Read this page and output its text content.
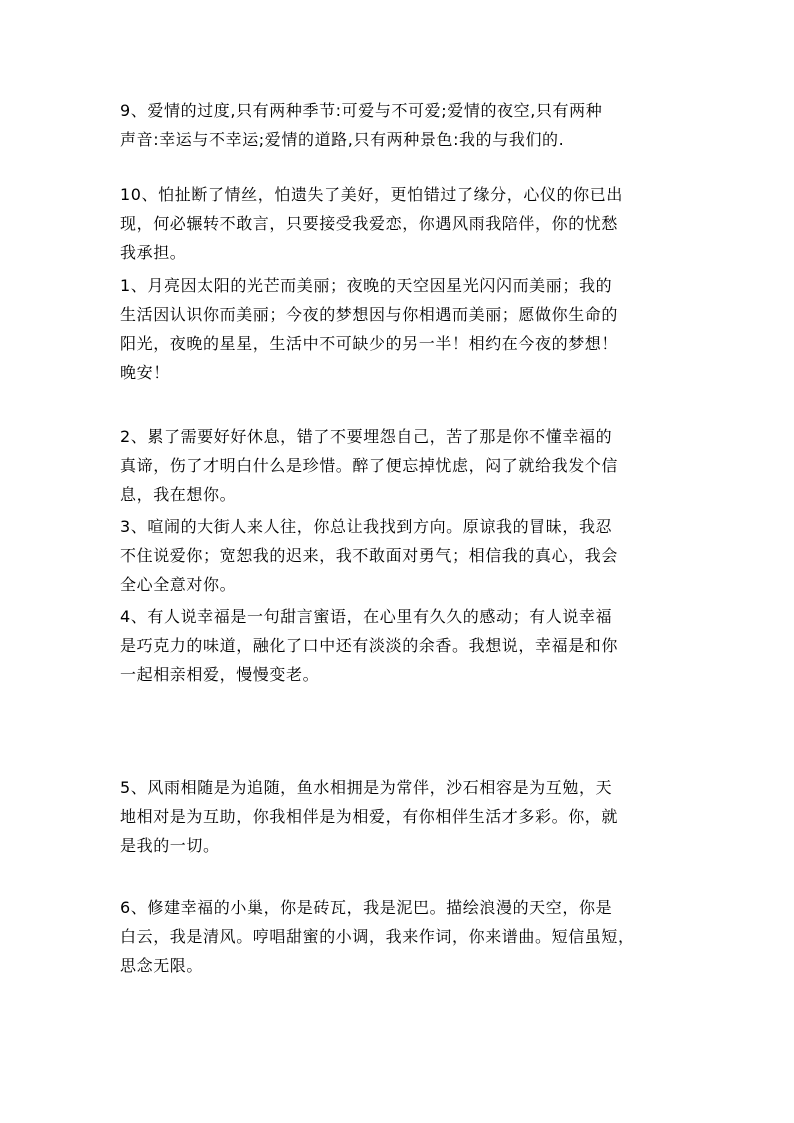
9、爱情的过度,只有两种季节:可爱与不可爱;爱情的夜空,只有两种
声音:幸运与不幸运;爱情的道路,只有两种景色:我的与我们的.

10、怕扯断了情丝，怕遗失了美好，更怕错过了缘分，心仪的你已出
现，何必辗转不敢言，只要接受我爱恋，你遇风雨我陪伴，你的忧愁
我承担。

1、月亮因太阳的光芒而美丽；夜晚的天空因星光闪闪而美丽；我的
生活因认识你而美丽；今夜的梦想因与你相遇而美丽；愿做你生命的
阳光，夜晚的星星，生活中不可缺少的另一半！相约在今夜的梦想！
晚安！

2、累了需要好好休息，错了不要埋怨自己，苦了那是你不懂幸福的
真谛，伤了才明白什么是珍惜。醉了便忘掉忧虑，闷了就给我发个信
息，我在想你。

3、喧闹的大街人来人往，你总让我找到方向。原谅我的冒昧，我忍
不住说爱你；宽恕我的迟来，我不敢面对勇气；相信我的真心，我会
全心全意对你。

4、有人说幸福是一句甜言蜜语，在心里有久久的感动；有人说幸福
是巧克力的味道，融化了口中还有淡淡的余香。我想说，幸福是和你
一起相亲相爱，慢慢变老。

5、风雨相随是为追随，鱼水相拥是为常伴，沙石相容是为互勉，天
地相对是为互助，你我相伴是为相爱，有你相伴生活才多彩。你，就
是我的一切。

6、修建幸福的小巢，你是砖瓦，我是泥巴。描绘浪漫的天空，你是
白云，我是清风。哼唱甜蜜的小调，我来作词，你来谱曲。短信虽短，
思念无限。
